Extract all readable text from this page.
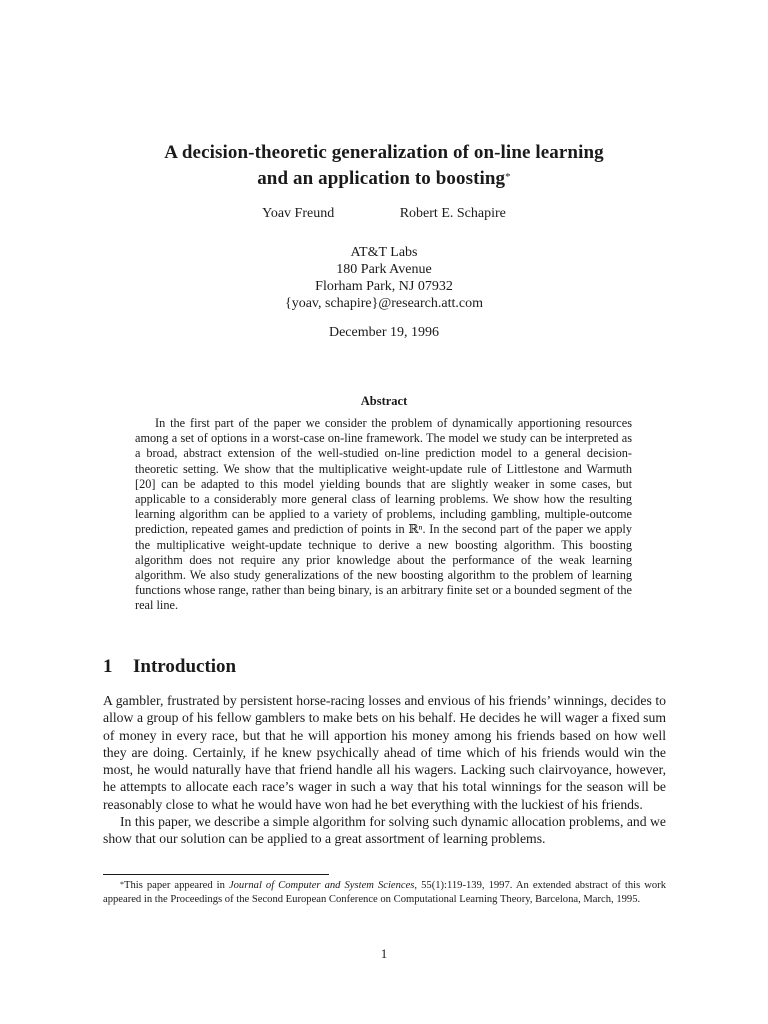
A decision-theoretic generalization of on-line learning
and an application to boosting*
Yoav Freund	Robert E. Schapire
AT&T Labs
180 Park Avenue
Florham Park, NJ 07932
{yoav, schapire}@research.att.com
December 19, 1996
Abstract
In the first part of the paper we consider the problem of dynamically apportioning resources among a set of options in a worst-case on-line framework. The model we study can be interpreted as a broad, abstract extension of the well-studied on-line prediction model to a general decision-theoretic setting. We show that the multiplicative weight-update rule of Littlestone and Warmuth [20] can be adapted to this model yielding bounds that are slightly weaker in some cases, but applicable to a considerably more general class of learning problems. We show how the resulting learning algorithm can be applied to a variety of problems, including gambling, multiple-outcome prediction, repeated games and prediction of points in ℝⁿ. In the second part of the paper we apply the multiplicative weight-update technique to derive a new boosting algorithm. This boosting algorithm does not require any prior knowledge about the performance of the weak learning algorithm. We also study generalizations of the new boosting algorithm to the problem of learning functions whose range, rather than being binary, is an arbitrary finite set or a bounded segment of the real line.
1 Introduction

A gambler, frustrated by persistent horse-racing losses and envious of his friends’ winnings, decides to allow a group of his fellow gamblers to make bets on his behalf. He decides he will wager a fixed sum of money in every race, but that he will apportion his money among his friends based on how well they are doing. Certainly, if he knew psychically ahead of time which of his friends would win the most, he would naturally have that friend handle all his wagers. Lacking such clairvoyance, however, he attempts to allocate each race’s wager in such a way that his total winnings for the season will be reasonably close to what he would have won had he bet everything with the luckiest of his friends.

In this paper, we describe a simple algorithm for solving such dynamic allocation problems, and we show that our solution can be applied to a great assortment of learning problems.

*This paper appeared in Journal of Computer and System Sciences, 55(1):119-139, 1997. An extended abstract of this work appeared in the Proceedings of the Second European Conference on Computational Learning Theory, Barcelona, March, 1995.
1
